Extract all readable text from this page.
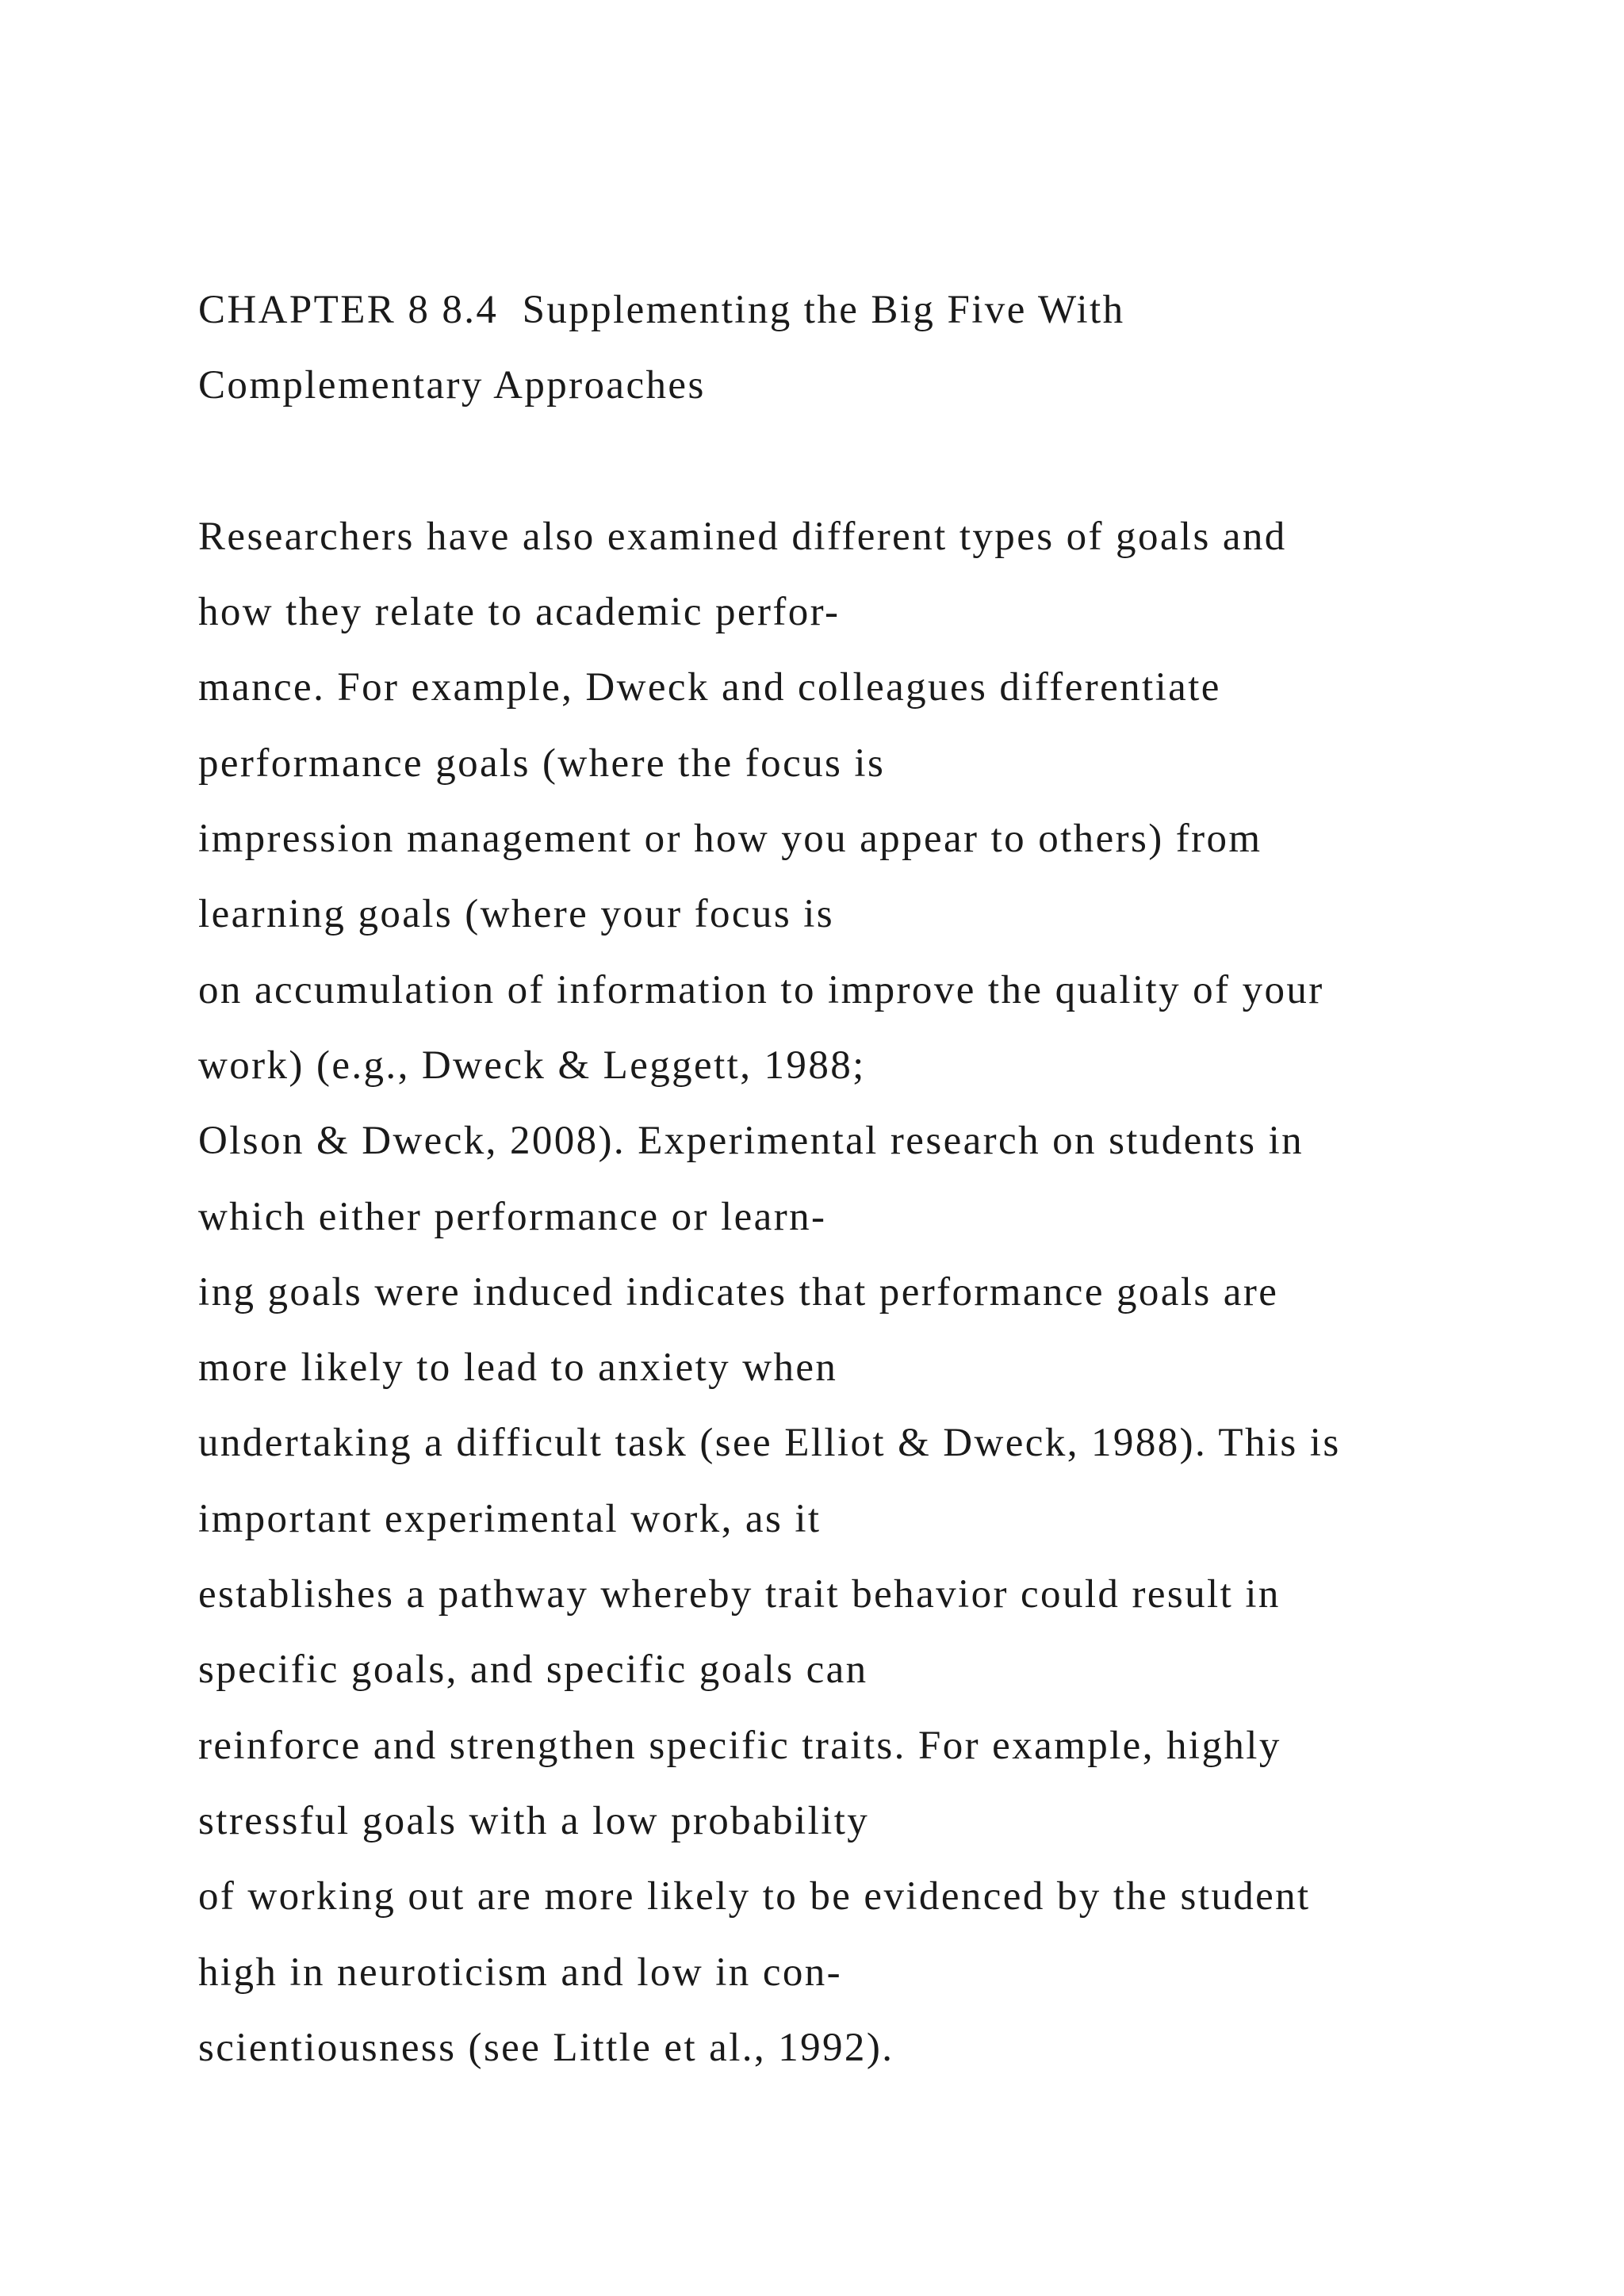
CHAPTER 8 8.4  Supplementing the Big Five With
Complementary Approaches
Researchers have also examined different types of goals and
how they relate to academic perfor-
mance. For example, Dweck and colleagues differentiate
performance goals (where the focus is
impression management or how you appear to others) from
learning goals (where your focus is
on accumulation of information to improve the quality of your
work) (e.g., Dweck & Leggett, 1988;
Olson & Dweck, 2008). Experimental research on students in
which either performance or learn-
ing goals were induced indicates that performance goals are
more likely to lead to anxiety when
undertaking a difficult task (see Elliot & Dweck, 1988). This is
important experimental work, as it
establishes a pathway whereby trait behavior could result in
specific goals, and specific goals can
reinforce and strengthen specific traits. For example, highly
stressful goals with a low probability
of working out are more likely to be evidenced by the student
high in neuroticism and low in con-
scientiousness (see Little et al., 1992).
